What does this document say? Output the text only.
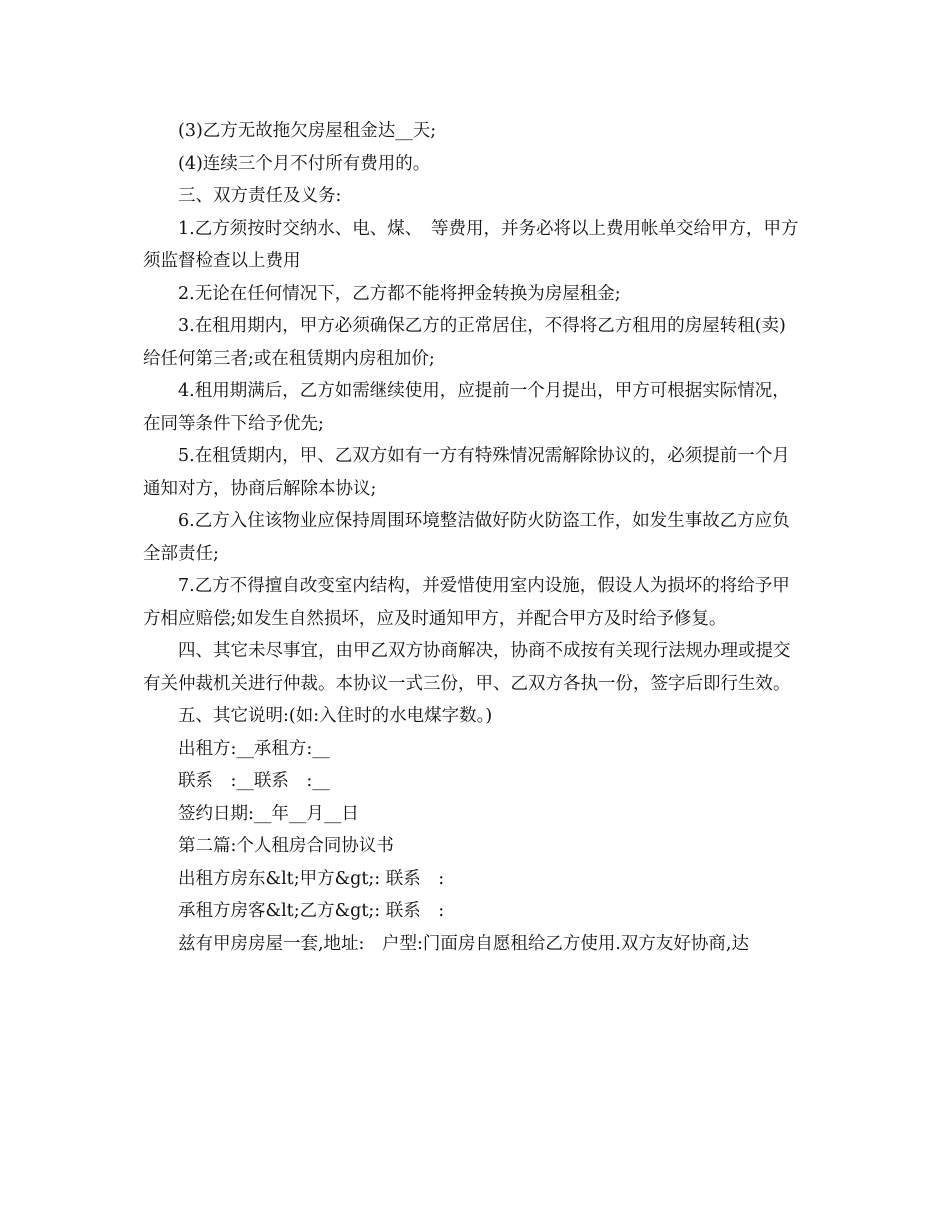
(3)乙方无故拖欠房屋租金达__天;

(4)连续三个月不付所有费用的。

三、双方责任及义务:

1.乙方须按时交纳水、电、煤、　等费用，并务必将以上费用帐单交给甲方，甲方须监督检查以上费用

2.无论在任何情况下，乙方都不能将押金转换为房屋租金;

3.在租用期内，甲方必须确保乙方的正常居住，不得将乙方租用的房屋转租(卖)给任何第三者;或在租赁期内房租加价;

4.租用期满后，乙方如需继续使用，应提前一个月提出，甲方可根据实际情况，在同等条件下给予优先;

5.在租赁期内，甲、乙双方如有一方有特殊情况需解除协议的，必须提前一个月通知对方，协商后解除本协议;

6.乙方入住该物业应保持周围环境整洁做好防火防盗工作，如发生事故乙方应负全部责任;

7.乙方不得擅自改变室内结构，并爱惜使用室内设施，假设人为损坏的将给予甲方相应赔偿;如发生自然损坏，应及时通知甲方，并配合甲方及时给予修复。

四、其它未尽事宜，由甲乙双方协商解决，协商不成按有关现行法规办理或提交有关仲裁机关进行仲裁。本协议一式三份，甲、乙双方各执一份，签字后即行生效。

五、其它说明:(如:入住时的水电煤字数。)

出租方:__承租方:__

联系　:__联系　:__

签约日期:__年__月__日

第二篇:个人租房合同协议书

出租方房东&lt;甲方&gt;: 联系　:

承租方房客&lt;乙方&gt;: 联系　:

兹有甲房房屋一套,地址:　户型:门面房自愿租给乙方使用.双方友好协商,达
